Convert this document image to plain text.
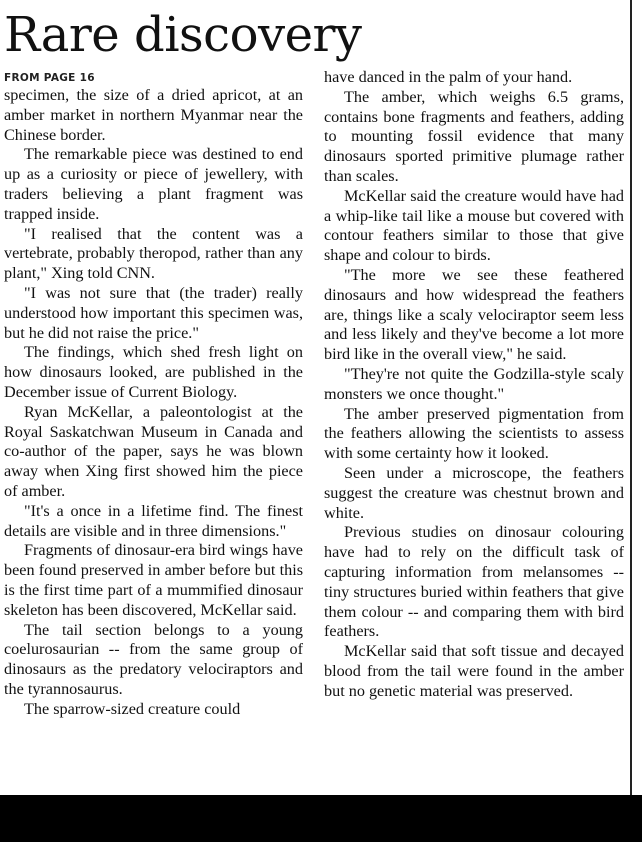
Rare discovery
FROM PAGE 16

specimen, the size of a dried apricot, at an amber market in northern Myanmar near the Chinese border.

The remarkable piece was destined to end up as a curiosity or piece of jewellery, with traders believing a plant fragment was trapped inside.

"I realised that the content was a vertebrate, probably theropod, rather than any plant," Xing told CNN.

"I was not sure that (the trader) really understood how important this specimen was, but he did not raise the price."

The findings, which shed fresh light on how dinosaurs looked, are published in the December issue of Current Biology.

Ryan McKellar, a paleontologist at the Royal Saskatchwan Museum in Canada and co-author of the paper, says he was blown away when Xing first showed him the piece of amber.

"It's a once in a lifetime find. The finest details are visible and in three dimensions."

Fragments of dinosaur-era bird wings have been found preserved in amber before but this is the first time part of a mummified dinosaur skeleton has been discovered, McKellar said.

The tail section belongs to a young coelurosaurian -- from the same group of dinosaurs as the predatory velociraptors and the tyrannosaurus.

The sparrow-sized creature could

have danced in the palm of your hand.

The amber, which weighs 6.5 grams, contains bone fragments and feathers, adding to mounting fossil evidence that many dinosaurs sported primitive plumage rather than scales.

McKellar said the creature would have had a whip-like tail like a mouse but covered with contour feathers similar to those that give shape and colour to birds.

"The more we see these feathered dinosaurs and how widespread the feathers are, things like a scaly velociraptor seem less and less likely and they've become a lot more bird like in the overall view," he said.

"They're not quite the Godzilla-style scaly monsters we once thought."

The amber preserved pigmentation from the feathers allowing the scientists to assess with some certainty how it looked.

Seen under a microscope, the feathers suggest the creature was chestnut brown and white.

Previous studies on dinosaur colouring have had to rely on the difficult task of capturing information from melansomes -- tiny structures buried within feathers that give them colour -- and comparing them with bird feathers.

McKellar said that soft tissue and decayed blood from the tail were found in the amber but no genetic material was preserved.
